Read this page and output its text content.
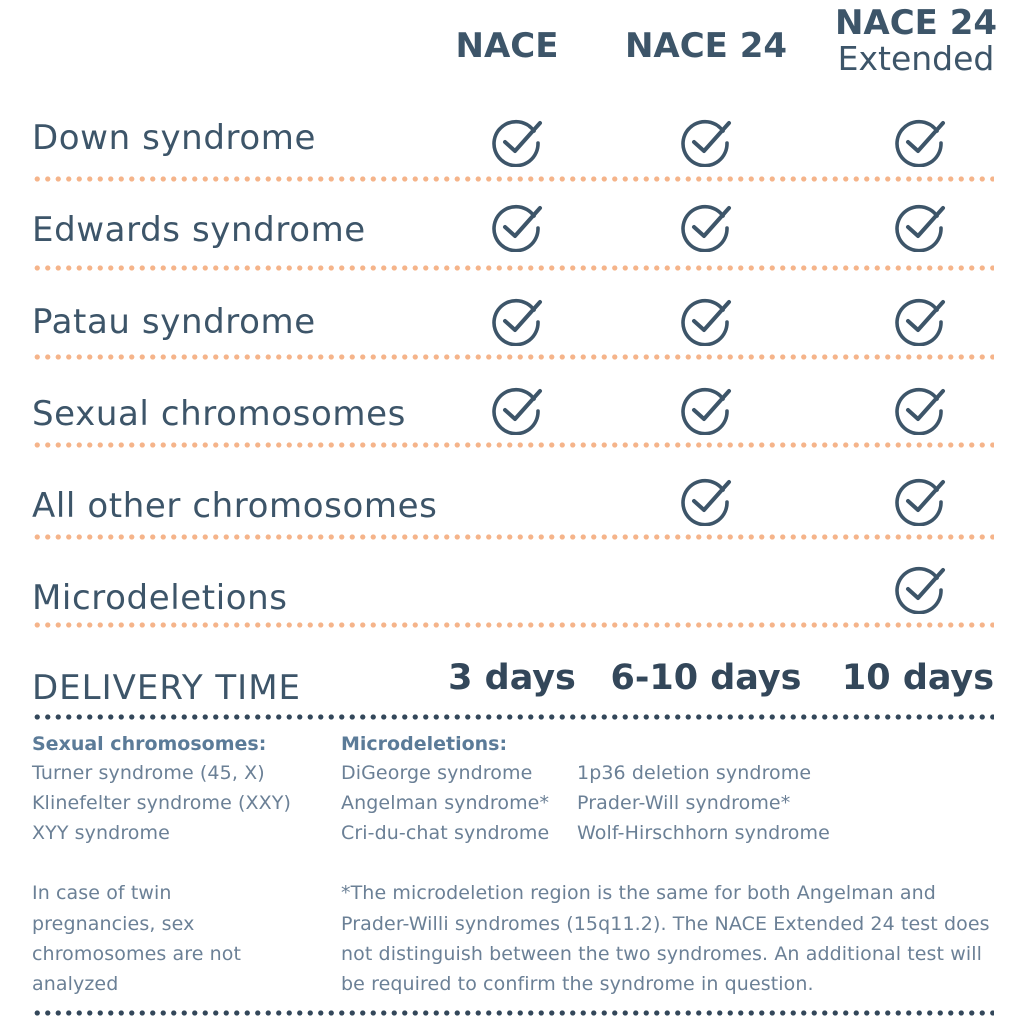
NACE	NACE 24
NACE 24
Extended
Down syndrome
Edwards syndrome
Patau syndrome
Sexual chromosomes
All other chromosomes
Microdeletions
DELIVERY TIME	3 days 6-10 days 10 days
Sexual chromosomes:
Turner syndrome (45, X)
Klinefelter syndrome (XXY)
XYY syndrome
Microdeletions:
DiGeorge syndrome
Angelman syndrome*
Cri-du-chat syndrome
1p36 deletion syndrome
Prader-Will syndrome*
Wolf-Hirschhorn syndrome
In case of twin
pregnancies, sex
chromosomes are not
analyzed
*The microdeletion region is the same for both Angelman and
Prader-Willi syndromes (15q11.2). The NACE Extended 24 test does
not distinguish between the two syndromes. An additional test will
be required to confirm the syndrome in question.
